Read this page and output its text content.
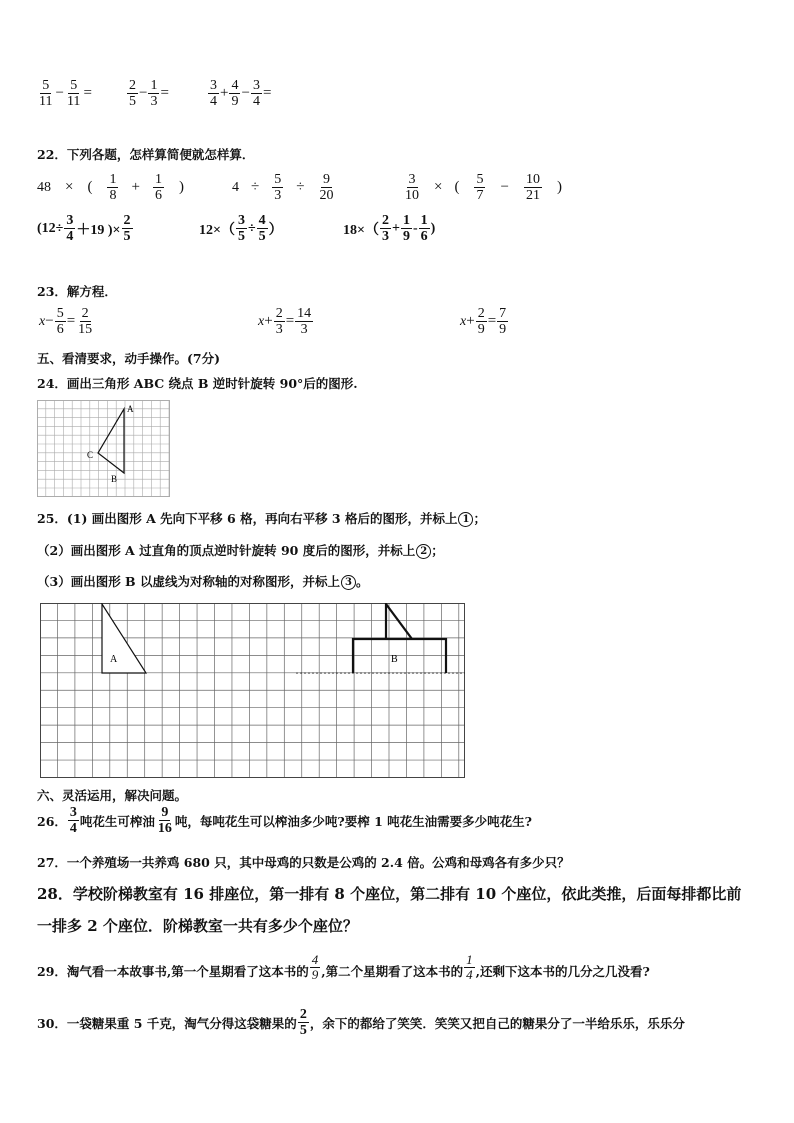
$\frac{5}{11} - \frac{5}{11}$ =	$\frac{2}{5} - \frac{1}{3}$ =	$\frac{3}{4} + \frac{4}{9} - \frac{3}{4}$ =
22．下列各题，怎样算简便就怎样算．
48 × ( $\frac{1}{8} + \frac{1}{6}$ )	$4 \div \frac{5}{3} \div \frac{9}{20}$	$\frac{3}{10}$ × ( $\frac{5}{7} - \frac{10}{21}$ )
($12\div \frac{3}{4} +19$ )× $\frac{2}{5}$	$12\times( \frac{3}{5} \div \frac{4}{5}$ ）	$18\times( \frac{2}{3} + \frac{1}{9} - \frac{1}{6}$ )
23．解方程．
$x - \frac{5}{6} = \frac{2}{15}$	$x + \frac{2}{3} = \frac{14}{3}$	$x + \frac{2}{9} = \frac{7}{9}$
五、看清要求，动手操作。(7分)
24．画出三角形 ABC 绕点 B 逆时针旋转 90°后的图形.
A
B
C
25．(1) 画出图形 A 先向下平移 6 格，再向右平移 3 格后的图形，并标上 1 ；
（2）画出图形 A 过直角的顶点逆时针旋转 90 度后的图形，并标上 2 ；
（3）画出图形 B 以虚线为对称轴的对称图形，并标上 3 。
A	B
六、灵活运用，解决问题。
26． $\frac{3}{4}$ 吨花生可榨油 $\frac{9}{16}$ 吨，每吨花生可以榨油多少吨?要榨 1 吨花生油需要多少吨花生?
27．一个养殖场一共养鸡 680 只，其中母鸡的只数是公鸡的 2.4 倍。公鸡和母鸡各有多少只？
28．学校阶梯教室有 16 排座位，第一排有 8 个座位，第二排有 10 个座位，依此类推，后面每排都比前
一排多 2 个座位．阶梯教室一共有多少个座位？
29．淘气看一本故事书,第一个星期看了这本书的 $\frac{4}{9}$ ,第二个星期看了这本书的 $\frac{1}{4}$ ,还剩下这本书的几分之几没看?
30．一袋糖果重 5 千克，淘气分得这袋糖果的 $\frac{2}{5}$ ，余下的都给了笑笑．笑笑又把自己的糖果分了一半给乐乐，乐乐分
